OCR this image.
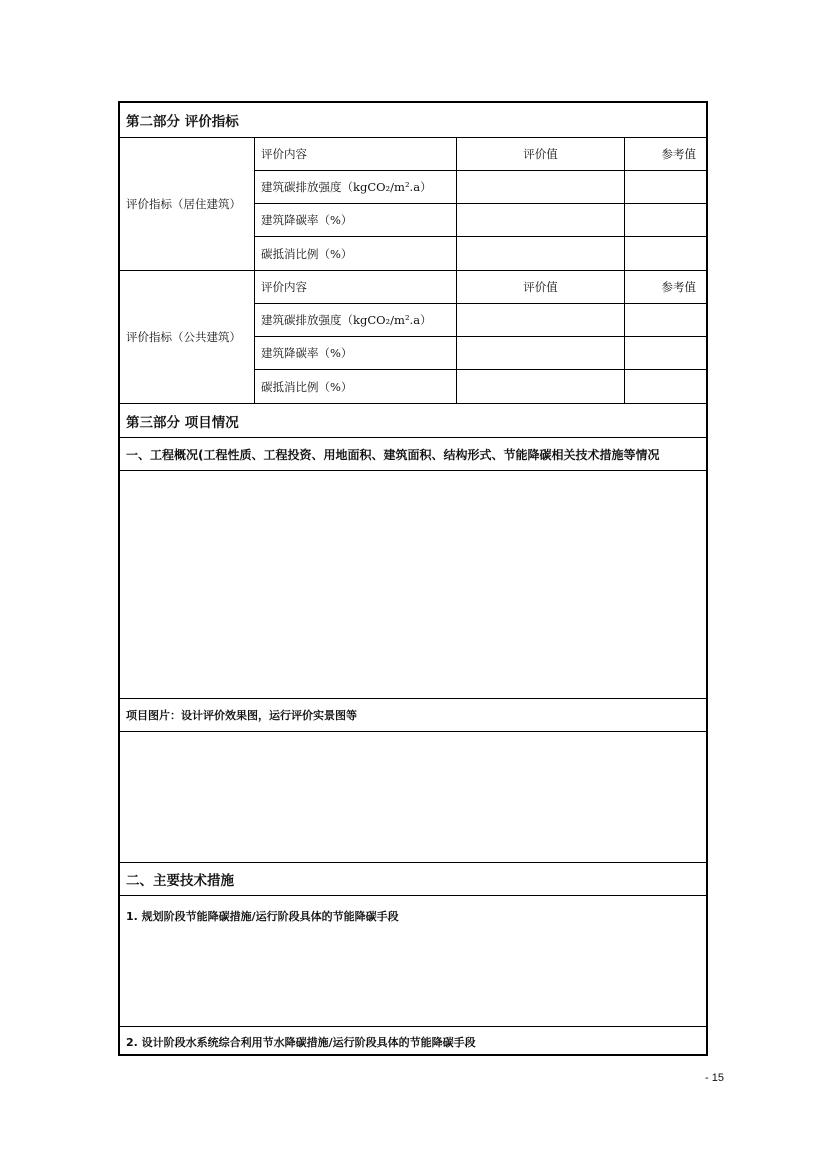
第二部分 评价指标
评价指标（居住建筑）
评价内容	评价值	参考值
建筑碳排放强度（kgCO₂/m².a）
建筑降碳率（%）
碳抵消比例（%）
评价指标（公共建筑）
评价内容	评价值	参考值
建筑碳排放强度（kgCO₂/m².a）
建筑降碳率（%）
碳抵消比例（%）
第三部分 项目情况
一、工程概况(工程性质、工程投资、用地面积、建筑面积、结构形式、节能降碳相关技术措施等情况
项目图片：设计评价效果图，运行评价实景图等
二、主要技术措施
1. 规划阶段节能降碳措施/运行阶段具体的节能降碳手段
2. 设计阶段水系统综合利用节水降碳措施/运行阶段具体的节能降碳手段
- 15
